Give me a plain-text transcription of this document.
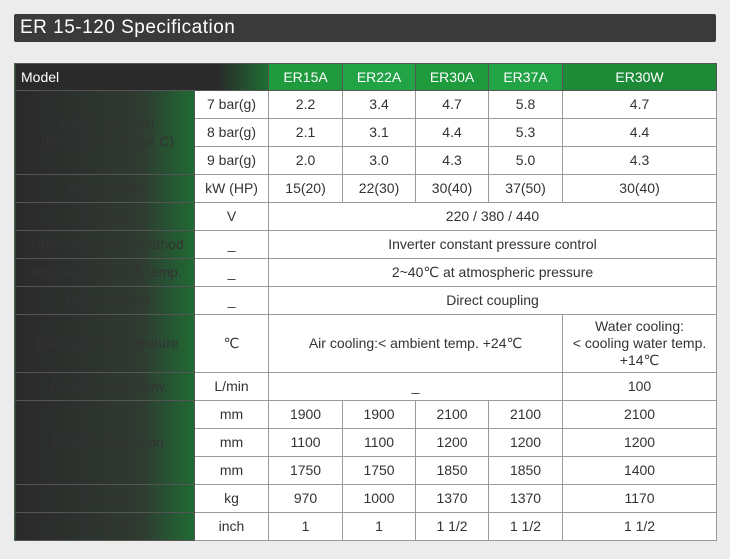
ER 15-120 Specification
Model		ER15A	ER22A	ER30A	ER37A	ER30W

F.A.D. (m³/min)
(ISO 1217 / Annex C)	7 bar(g)	2.2	3.4	4.7	5.8	4.7
	8 bar(g)	2.1	3.1	4.4	5.3	4.4
	9 bar(g)	2.0	3.0	4.3	5.0	4.3
Horsepower	kW (HP)	15(20)	22(30)	30(40)	37(50)	30(40)
Voltage	V	220 / 380 / 440				
Pressure control method	_	Inverter constant pressure control				
Intake pressure & temp.	_	2~40℃ at atmospheric pressure				
Drive method	_	Direct coupling				
Discharge temperature	℃	Air cooling:< ambient temp. +24℃				Water cooling:
< cooling water temp.
+14℃

Cooling water flow	L/min	_				100
Outline dimension	mm	1900	1900	2100	2100	2100
	mm	1100	1100	1200	1200	1200
	mm	1750	1750	1850	1850	1400
Weight	kg	970	1000	1370	1370	1170
Air outlet	inch	1	1	1 1/2	1 1/2	1 1/2
